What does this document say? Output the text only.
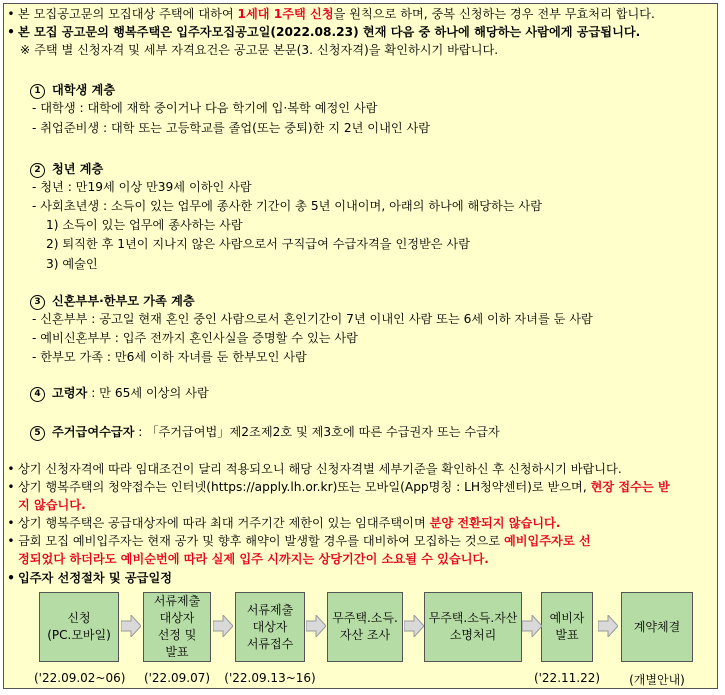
• 본 모집공고문의 모집대상 주택에 대하여 1세대 1주택 신청을 원칙으로 하며, 중복 신청하는 경우 전부 무효처리 합니다.
• 본 모집 공고문의 행복주택은 입주자모집공고일(2022.08.23) 현재 다음 중 하나에 해당하는 사람에게 공급됩니다.
※ 주택 별 신청자격 및 세부 자격요건은 공고문 본문(3. 신청자격)을 확인하시기 바랍니다.
1 대학생 계층
- 대학생 : 대학에 재학 중이거나 다음 학기에 입·복학 예정인 사람
- 취업준비생 : 대학 또는 고등학교를 졸업(또는 중퇴)한 지 2년 이내인 사람
2 청년 계층
- 청년 : 만19세 이상 만39세 이하인 사람
- 사회초년생 : 소득이 있는 업무에 종사한 기간이 총 5년 이내이며, 아래의 하나에 해당하는 사람
1) 소득이 있는 업무에 종사하는 사람
2) 퇴직한 후 1년이 지나지 않은 사람으로서 구직급여 수급자격을 인정받은 사람
3) 예술인
3 신혼부부·한부모 가족 계층
- 신혼부부 : 공고일 현재 혼인 중인 사람으로서 혼인기간이 7년 이내인 사람 또는 6세 이하 자녀를 둔 사람
- 예비신혼부부 : 입주 전까지 혼인사실을 증명할 수 있는 사람
- 한부모 가족 : 만6세 이하 자녀를 둔 한부모인 사람
4 고령자 : 만 65세 이상의 사람
5 주거급여수급자 : 「주거급여법」제2조제2호 및 제3호에 따른 수급권자 또는 수급자
• 상기 신청자격에 따라 임대조건이 달리 적용되오니 해당 신청자격별 세부기준을 확인하신 후 신청하시기 바랍니다.
• 상기 행복주택의 청약접수는 인터넷(https://apply.lh.or.kr)또는 모바일(App명칭 : LH청약센터)로 받으며, 현장 접수는 받
지 않습니다.
• 상기 행복주택은 공급대상자에 따라 최대 거주기간 제한이 있는 임대주택이며 분양 전환되지 않습니다.
• 금회 모집 예비입주자는 현재 공가 및 향후 해약이 발생할 경우를 대비하여 모집하는 것으로 예비입주자로 선
정되었다 하더라도 예비순번에 따라 실제 입주 시까지는 상당기간이 소요될 수 있습니다.
• 입주자 선정절차 및 공급일정
신청
(PC.모바일)
서류제출
대상자
선정 및
발표
서류제출
대상자
서류접수
무주택.소득.
자산 조사
무주택.소득.자산
소명처리
예비자
발표
계약체결
('22.09.02~06)	('22.09.07)	('22.09.13~16)	('22.11.22)	(개별안내)
